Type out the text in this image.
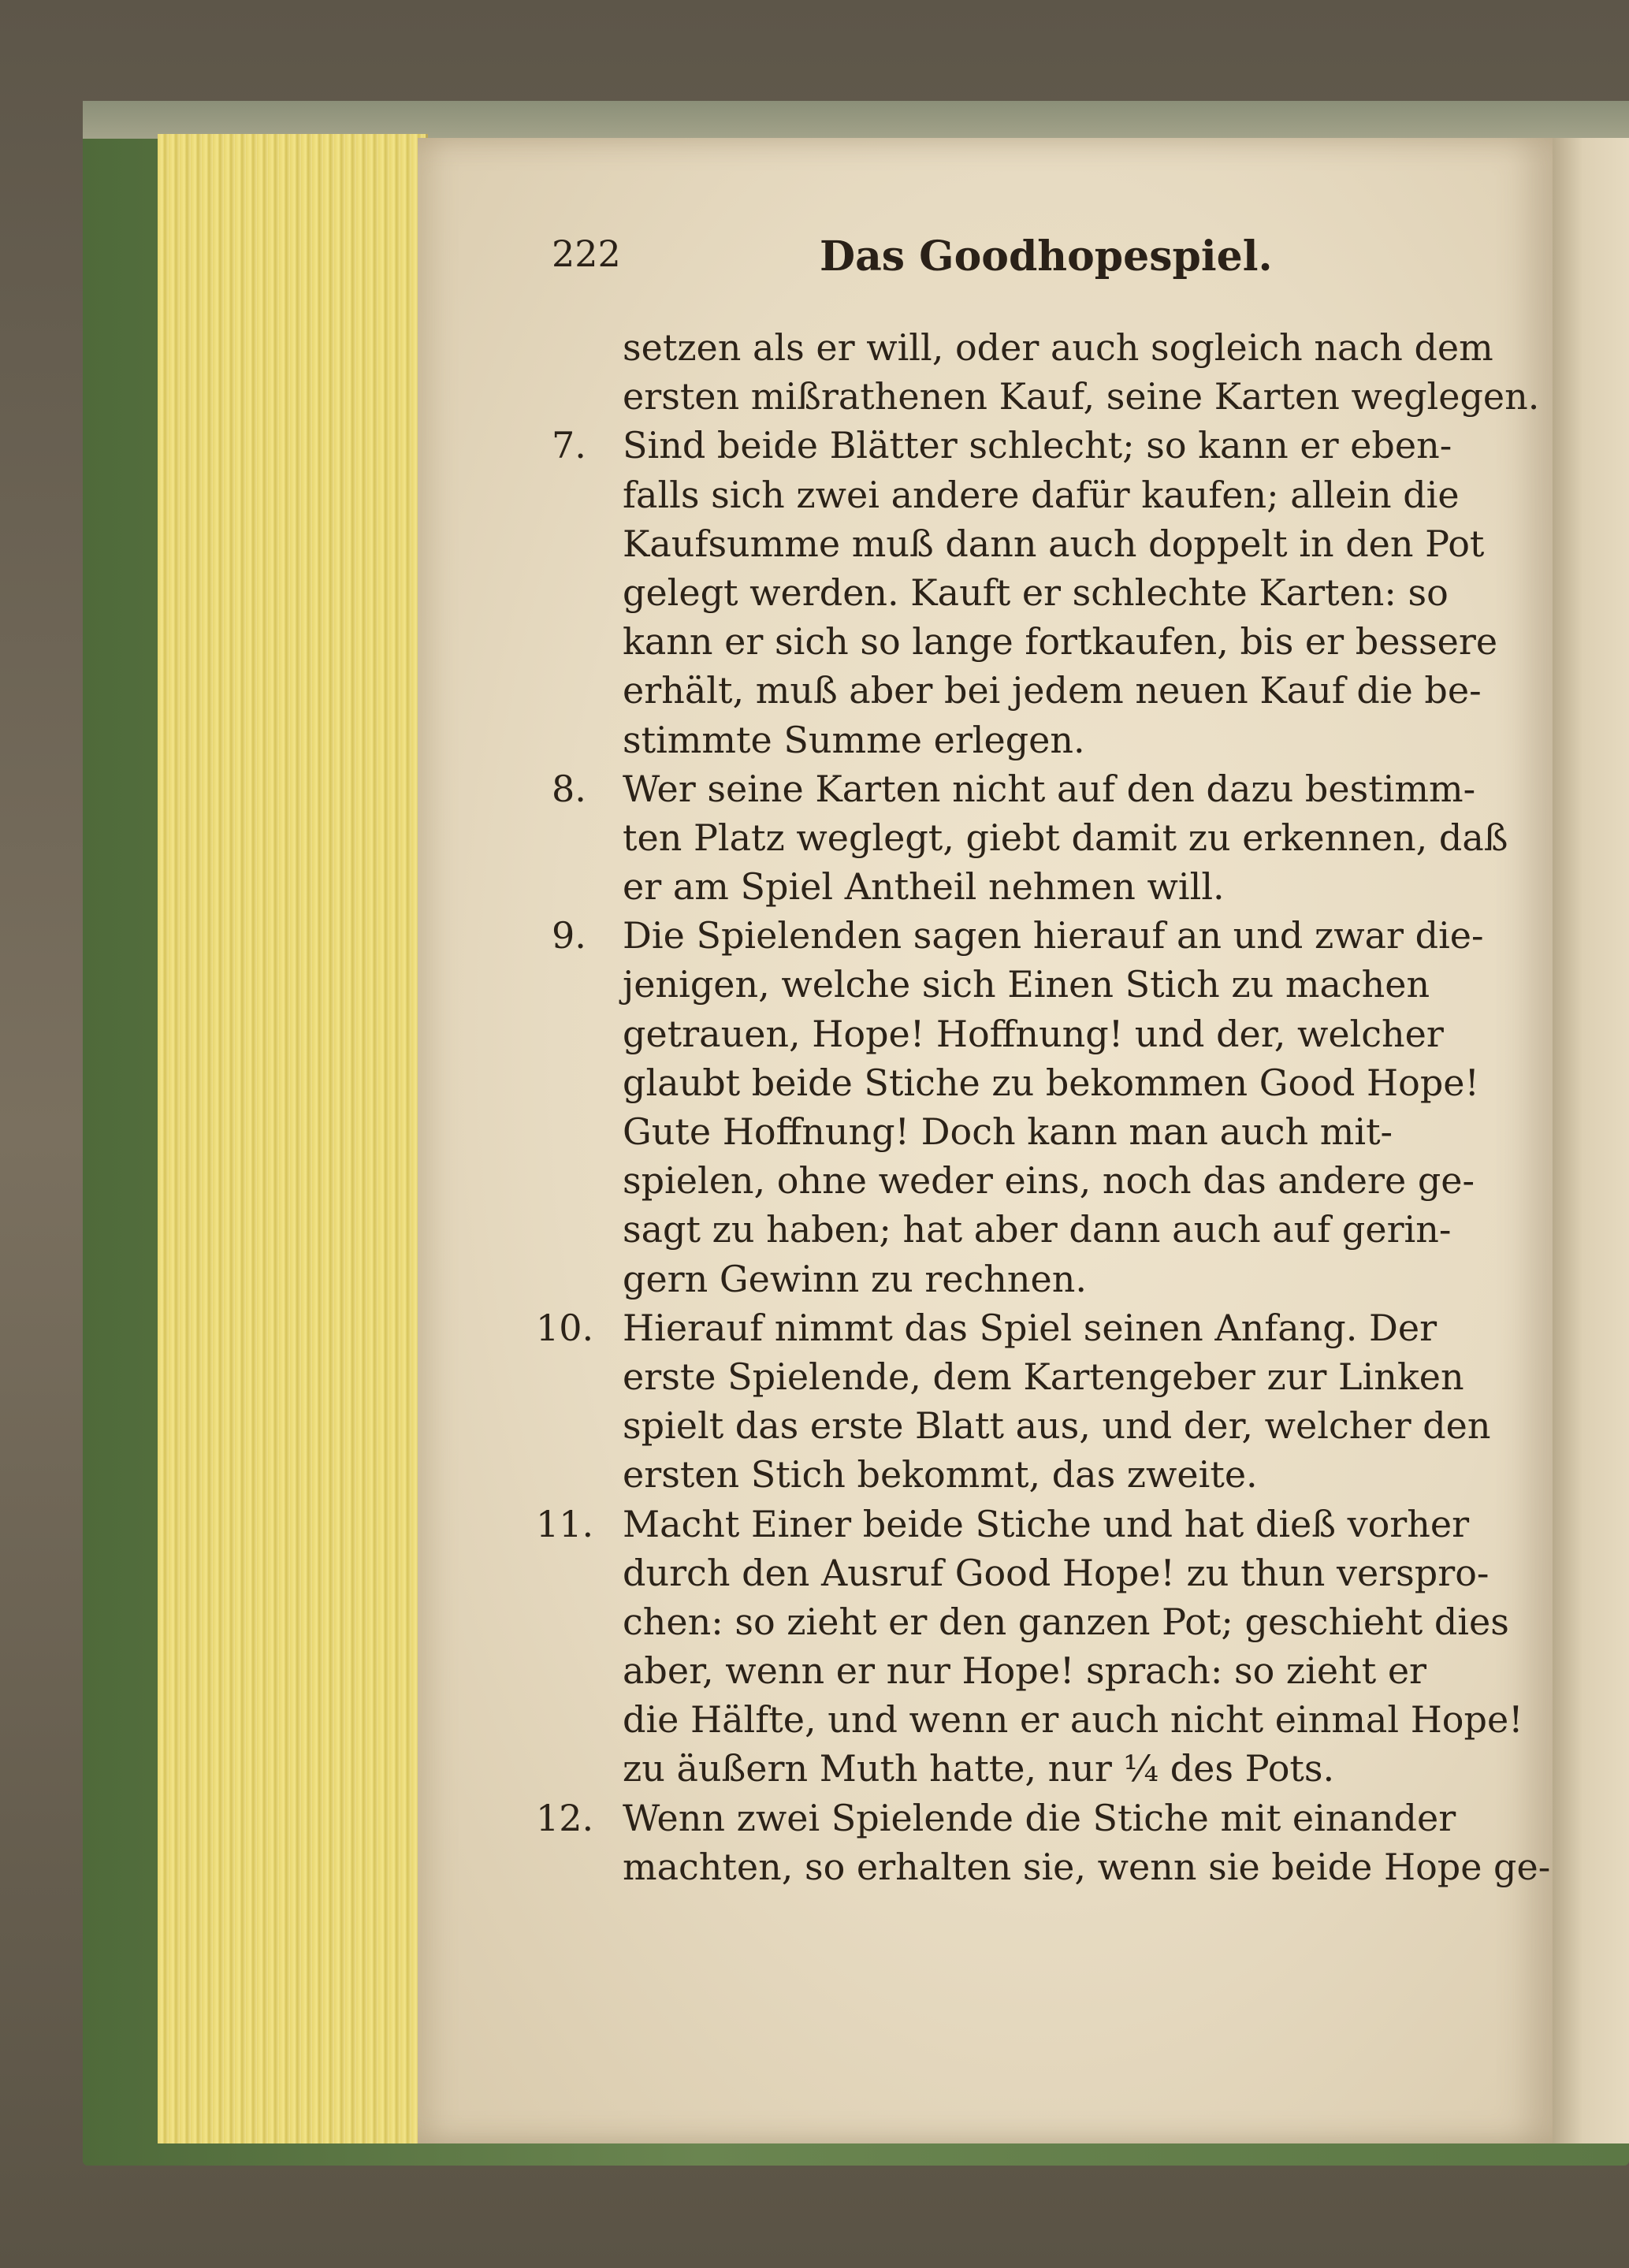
222	Das Goodhopespiel.
setzen als er will, oder auch sogleich nach dem
ersten mißrathenen Kauf, seine Karten weglegen.
7. Sind beide Blätter schlecht; so kann er eben-
falls sich zwei andere dafür kaufen; allein die
Kaufsumme muß dann auch doppelt in den Pot
gelegt werden. Kauft er schlechte Karten: so
kann er sich so lange fortkaufen, bis er bessere
erhält, muß aber bei jedem neuen Kauf die be-
stimmte Summe erlegen.
8. Wer seine Karten nicht auf den dazu bestimm-
ten Platz weglegt, giebt damit zu erkennen, daß
er am Spiel Antheil nehmen will.
9. Die Spielenden sagen hierauf an und zwar die-
jenigen, welche sich Einen Stich zu machen
getrauen, Hope! Hoffnung! und der, welcher
glaubt beide Stiche zu bekommen Good Hope!
Gute Hoffnung! Doch kann man auch mit-
spielen, ohne weder eins, noch das andere ge-
sagt zu haben; hat aber dann auch auf gerin-
gern Gewinn zu rechnen.
10. Hierauf nimmt das Spiel seinen Anfang. Der
erste Spielende, dem Kartengeber zur Linken
spielt das erste Blatt aus, und der, welcher den
ersten Stich bekommt, das zweite.
11. Macht Einer beide Stiche und hat dieß vorher
durch den Ausruf Good Hope! zu thun verspro-
chen: so zieht er den ganzen Pot; geschieht dies
aber, wenn er nur Hope! sprach: so zieht er
die Hälfte, und wenn er auch nicht einmal Hope!
zu äußern Muth hatte, nur ¼ des Pots.
12. Wenn zwei Spielende die Stiche mit einander
machten, so erhalten sie, wenn sie beide Hope ge-
